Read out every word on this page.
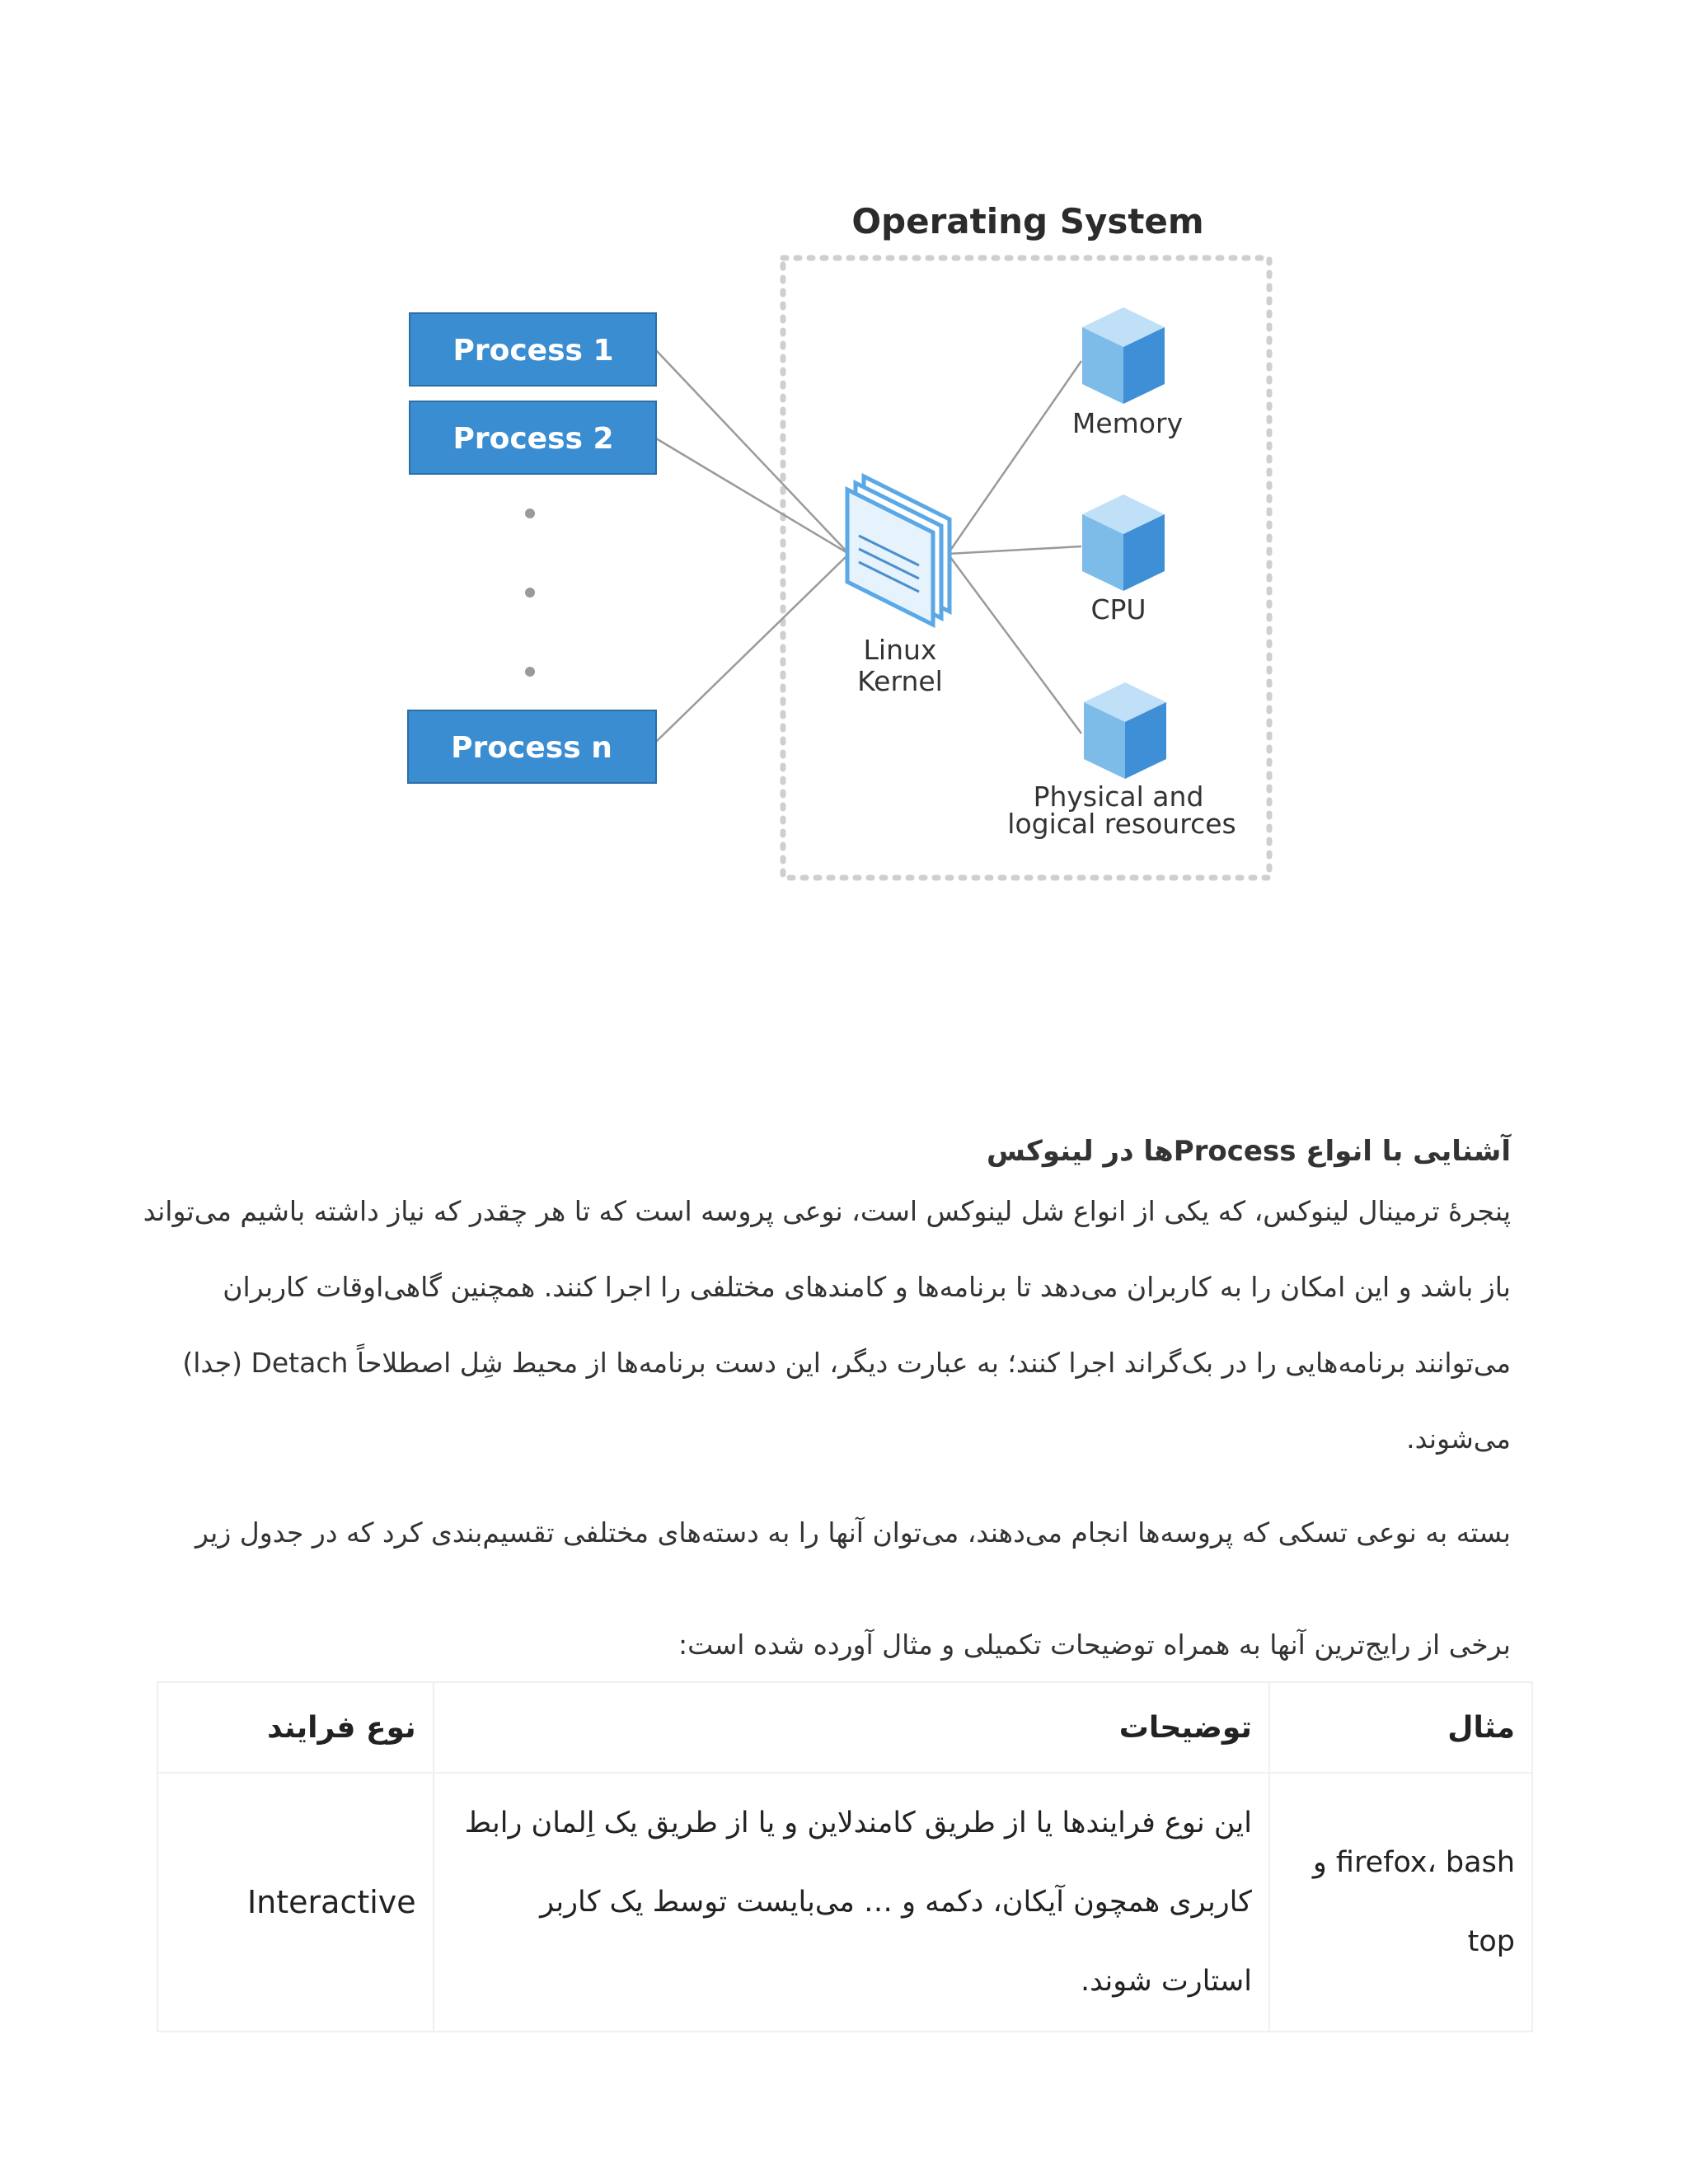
Operating System
Process 1
Process 2
Process n
Linux
Kernel
Memory
CPU
Physical and
logical resources
آشنایی با انواع Processها در لینوکس

پنجرهٔ ترمینال لینوکس، که یکی از انواع شل لینوکس است، نوعی پروسه است که تا هر چقدر که نیاز داشته باشیم می‌تواند باز باشد و این امکان را به کاربران می‌دهد تا برنامه‌ها و کامندهای مختلفی را اجرا کنند. همچنین گاهی‌اوقات کاربران می‌توانند برنامه‌هایی را در بک‌گراند اجرا کنند؛ به عبارت دیگر، این دست برنامه‌ها از محیط شِل اصطلاحاً Detach (جدا) می‌شوند.

بسته به نوعی تسکی که پروسه‌ها انجام می‌دهند، می‌توان آنها را به دسته‌های مختلفی تقسیم‌بندی کرد که در جدول زیر برخی از رایج‌ترین آنها به همراه توضیحات تکمیلی و مثال آورده شده است:

مثال	توضیحات	نوع فرایند
firefox، bash و top	این نوع فرایندها یا از طریق کامندلاین و یا از طریق یک اِلمان رابط کاربری همچون آیکان، دکمه و … می‌بایست توسط یک کاربر استارت شوند.	Interactive
